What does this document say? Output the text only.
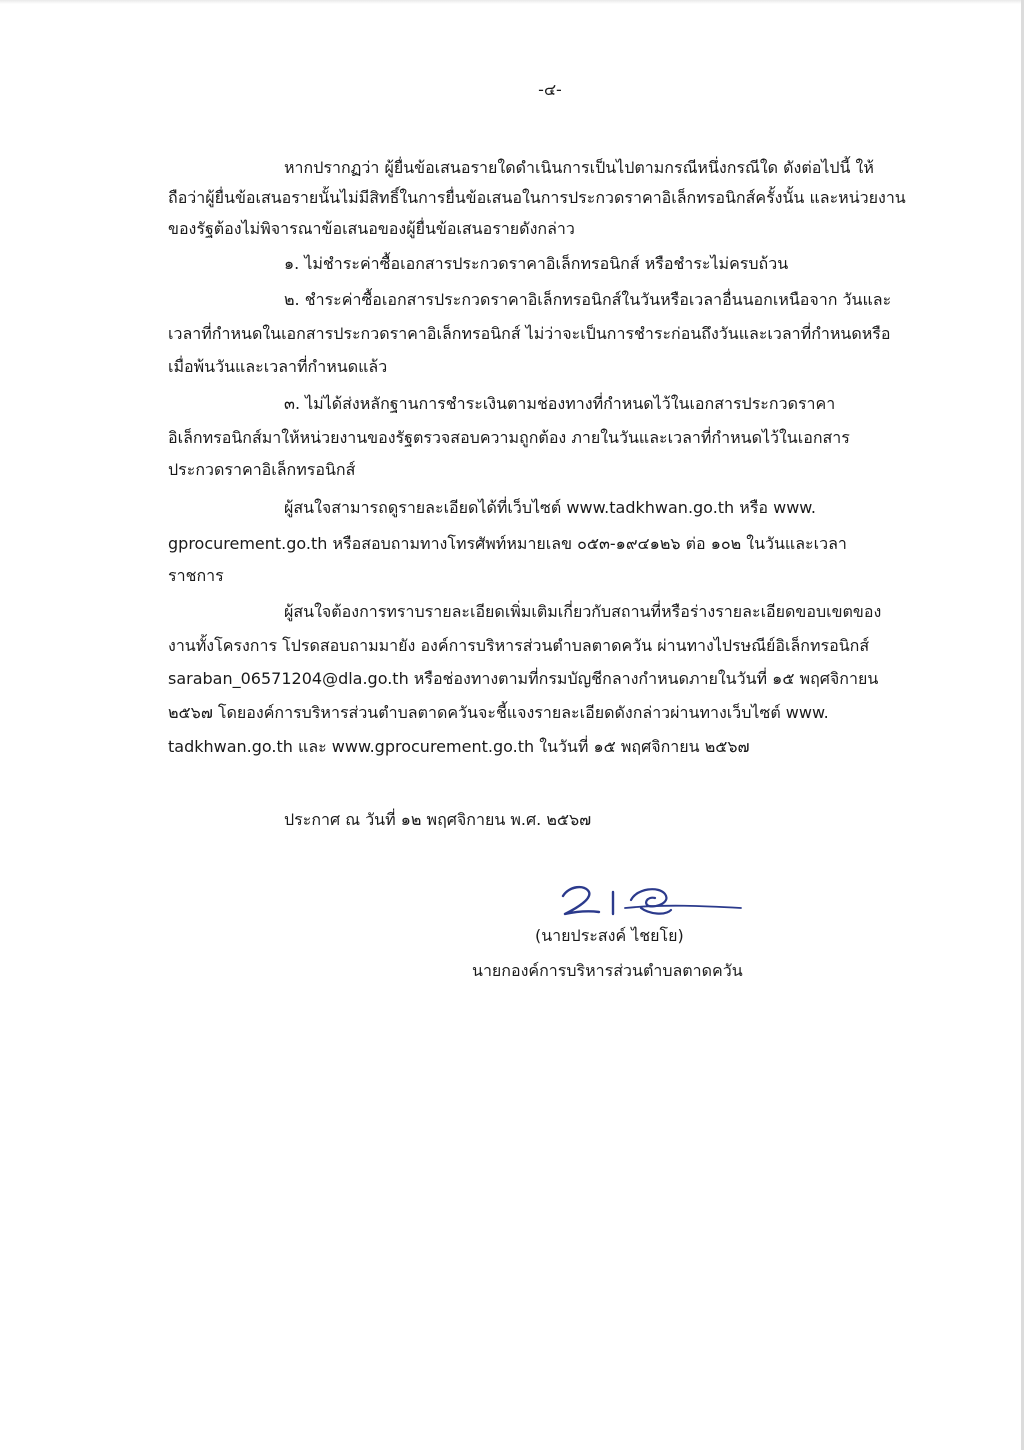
-๔-
หากปรากฏว่า ผู้ยื่นข้อเสนอรายใดดำเนินการเป็นไปตามกรณีหนึ่งกรณีใด ดังต่อไปนี้ ให้
ถือว่าผู้ยื่นข้อเสนอรายนั้นไม่มีสิทธิ์ในการยื่นข้อเสนอในการประกวดราคาอิเล็กทรอนิกส์ครั้งนั้น และหน่วยงาน
ของรัฐต้องไม่พิจารณาข้อเสนอของผู้ยื่นข้อเสนอรายดังกล่าว
๑. ไม่ชำระค่าซื้อเอกสารประกวดราคาอิเล็กทรอนิกส์ หรือชำระไม่ครบถ้วน
๒. ชำระค่าซื้อเอกสารประกวดราคาอิเล็กทรอนิกส์ในวันหรือเวลาอื่นนอกเหนือจาก วันและ
เวลาที่กำหนดในเอกสารประกวดราคาอิเล็กทรอนิกส์ ไม่ว่าจะเป็นการชำระก่อนถึงวันและเวลาที่กำหนดหรือ
เมื่อพ้นวันและเวลาที่กำหนดแล้ว
๓. ไม่ได้ส่งหลักฐานการชำระเงินตามช่องทางที่กำหนดไว้ในเอกสารประกวดราคา
อิเล็กทรอนิกส์มาให้หน่วยงานของรัฐตรวจสอบความถูกต้อง ภายในวันและเวลาที่กำหนดไว้ในเอกสาร
ประกวดราคาอิเล็กทรอนิกส์
ผู้สนใจสามารถดูรายละเอียดได้ที่เว็บไซต์ www.tadkhwan.go.th หรือ www.
gprocurement.go.th หรือสอบถามทางโทรศัพท์หมายเลข ๐๕๓-๑๙๔๑๒๖ ต่อ ๑๐๒ ในวันและเวลา
ราชการ
ผู้สนใจต้องการทราบรายละเอียดเพิ่มเติมเกี่ยวกับสถานที่หรือร่างรายละเอียดขอบเขตของ
งานทั้งโครงการ โปรดสอบถามมายัง องค์การบริหารส่วนตำบลตาดควัน ผ่านทางไปรษณีย์อิเล็กทรอนิกส์
saraban_06571204@dla.go.th หรือช่องทางตามที่กรมบัญชีกลางกำหนดภายในวันที่ ๑๕ พฤศจิกายน
๒๕๖๗ โดยองค์การบริหารส่วนตำบลตาดควันจะชี้แจงรายละเอียดดังกล่าวผ่านทางเว็บไซต์ www.
tadkhwan.go.th และ www.gprocurement.go.th ในวันที่ ๑๕ พฤศจิกายน ๒๕๖๗
ประกาศ ณ วันที่ ๑๒ พฤศจิกายน พ.ศ. ๒๕๖๗
(นายประสงค์ ไชยโย)
นายกองค์การบริหารส่วนตำบลตาดควัน
